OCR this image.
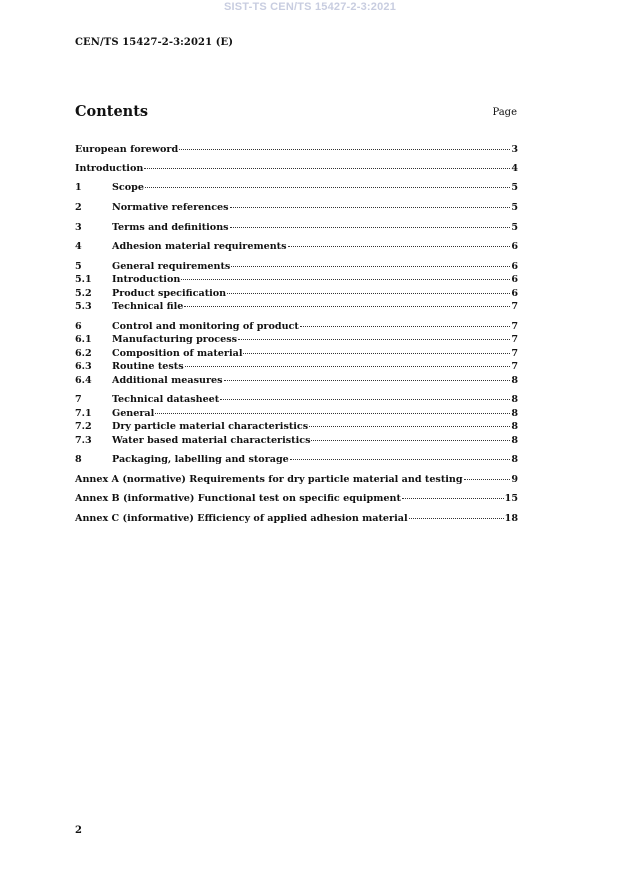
SIST-TS CEN/TS 15427-2-3:2021
CEN/TS 15427-2-3:2021 (E)
Contents	Page
European foreword	3
Introduction	4
1	Scope	5
2	Normative references	5
3	Terms and definitions	5
4	Adhesion material requirements	6
5	General requirements	6
5.1	Introduction	6
5.2	Product specification	6
5.3	Technical file	7
6	Control and monitoring of product	7
6.1	Manufacturing process	7
6.2	Composition of material	7
6.3	Routine tests	7
6.4	Additional measures	8
7	Technical datasheet	8
7.1	General	8
7.2	Dry particle material characteristics	8
7.3	Water based material characteristics	8
8	Packaging, labelling and storage	8
Annex A (normative) Requirements for dry particle material and testing	9
Annex B (informative) Functional test on specific equipment	15
Annex C (informative) Efficiency of applied adhesion material	18
2
